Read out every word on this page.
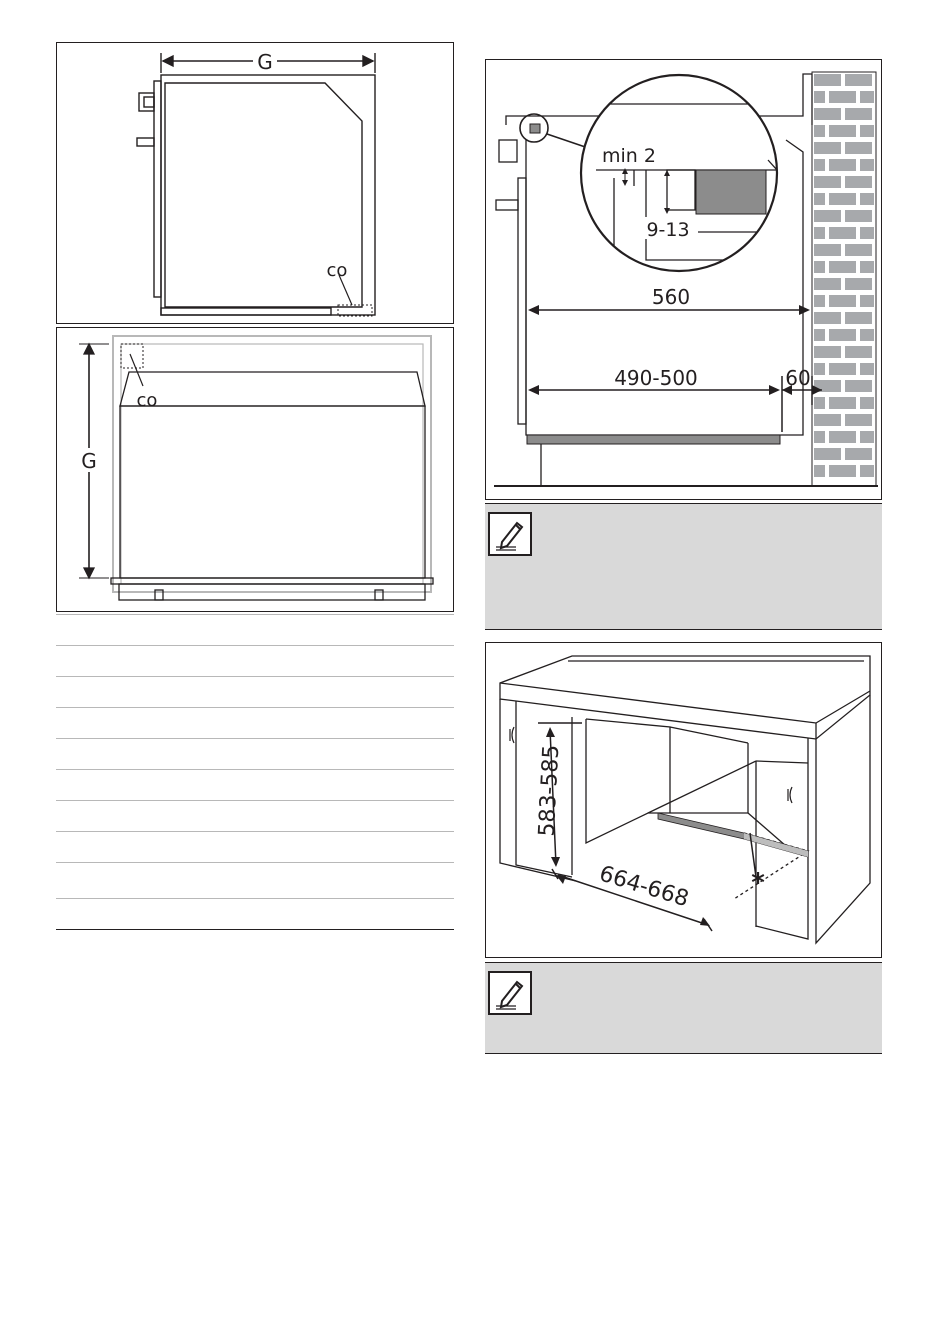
G
co
G
co
min 2
9-13
560
490-500	60
583-585
664-668 *
